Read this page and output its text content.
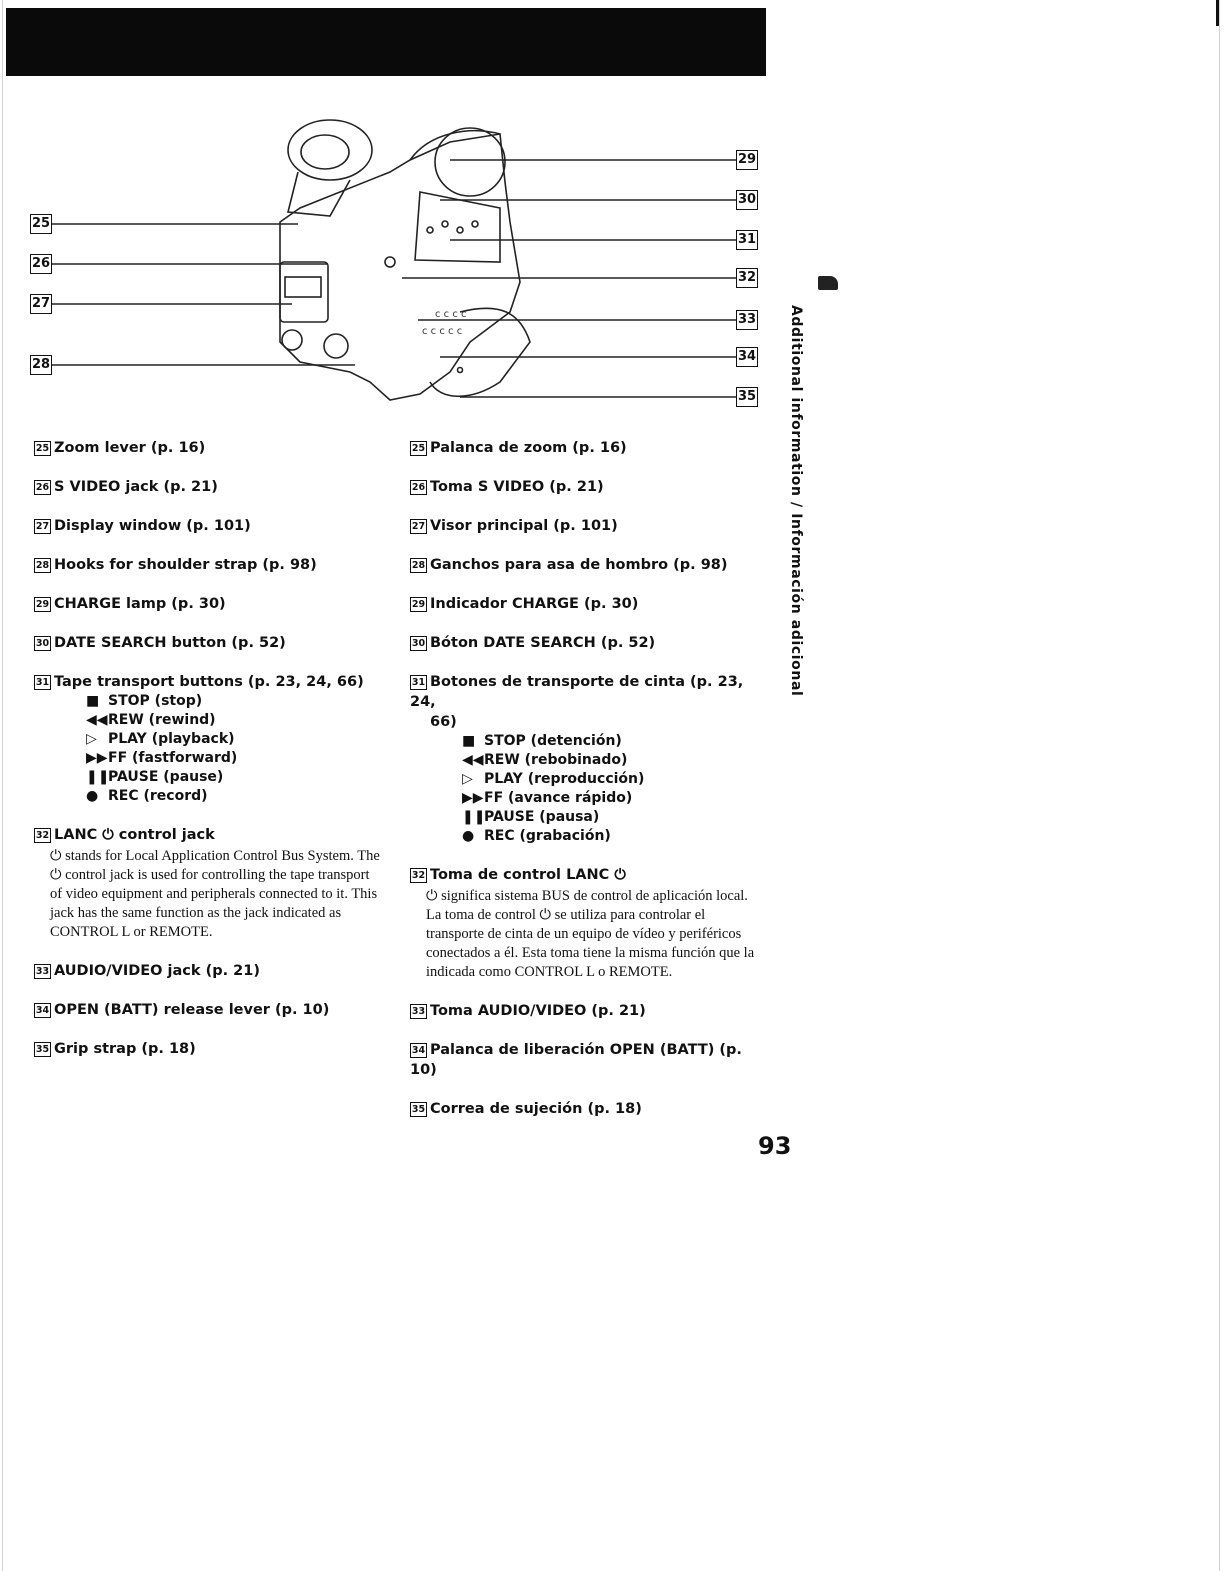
c c c c
c c c c c
25
26
27
28
29
30
31
32
33
34
35 Additional information / Información adicional
25 Zoom lever (p. 16)
26 S VIDEO jack (p. 21)
27 Display window (p. 101)
28 Hooks for shoulder strap (p. 98)
29 CHARGE lamp (p. 30)
30 DATE SEARCH button (p. 52)
31 Tape transport buttons (p. 23, 24, 66)
■ STOP (stop)
◀◀REW (rewind)
▷ PLAY (playback)
▶▶FF (fastforward)
❚❚PAUSE (pause)
● REC (record)
32 LANC ⏻ control jack
⏻ stands for Local Application Control Bus System. The ⏻ control jack is used for controlling the tape transport of video equipment and peripherals connected to it. This jack has the same function as the jack indicated as CONTROL L or REMOTE.
33 AUDIO/VIDEO jack (p. 21)
34 OPEN (BATT) release lever (p. 10)
35 Grip strap (p. 18)
25 Palanca de zoom (p. 16)
26 Toma S VIDEO (p. 21)
27 Visor principal (p. 101)
28 Ganchos para asa de hombro (p. 98)
29 Indicador CHARGE (p. 30)
30 Bóton DATE SEARCH (p. 52)
31 Botones de transporte de cinta (p. 23, 24,
66)
■ STOP (detención)
◀◀REW (rebobinado)
▷ PLAY (reproducción)
▶▶FF (avance rápido)
❚❚PAUSE (pausa)
● REC (grabación)
32 Toma de control LANC ⏻
⏻ significa sistema BUS de control de aplicación local. La toma de control ⏻ se utiliza para controlar el transporte de cinta de un equipo de vídeo y periféricos conectados a él. Esta toma tiene la misma función que la indicada como CONTROL L o REMOTE.
33 Toma AUDIO/VIDEO (p. 21)
34 Palanca de liberación OPEN (BATT) (p. 10)
35 Correa de sujeción (p. 18)
93
